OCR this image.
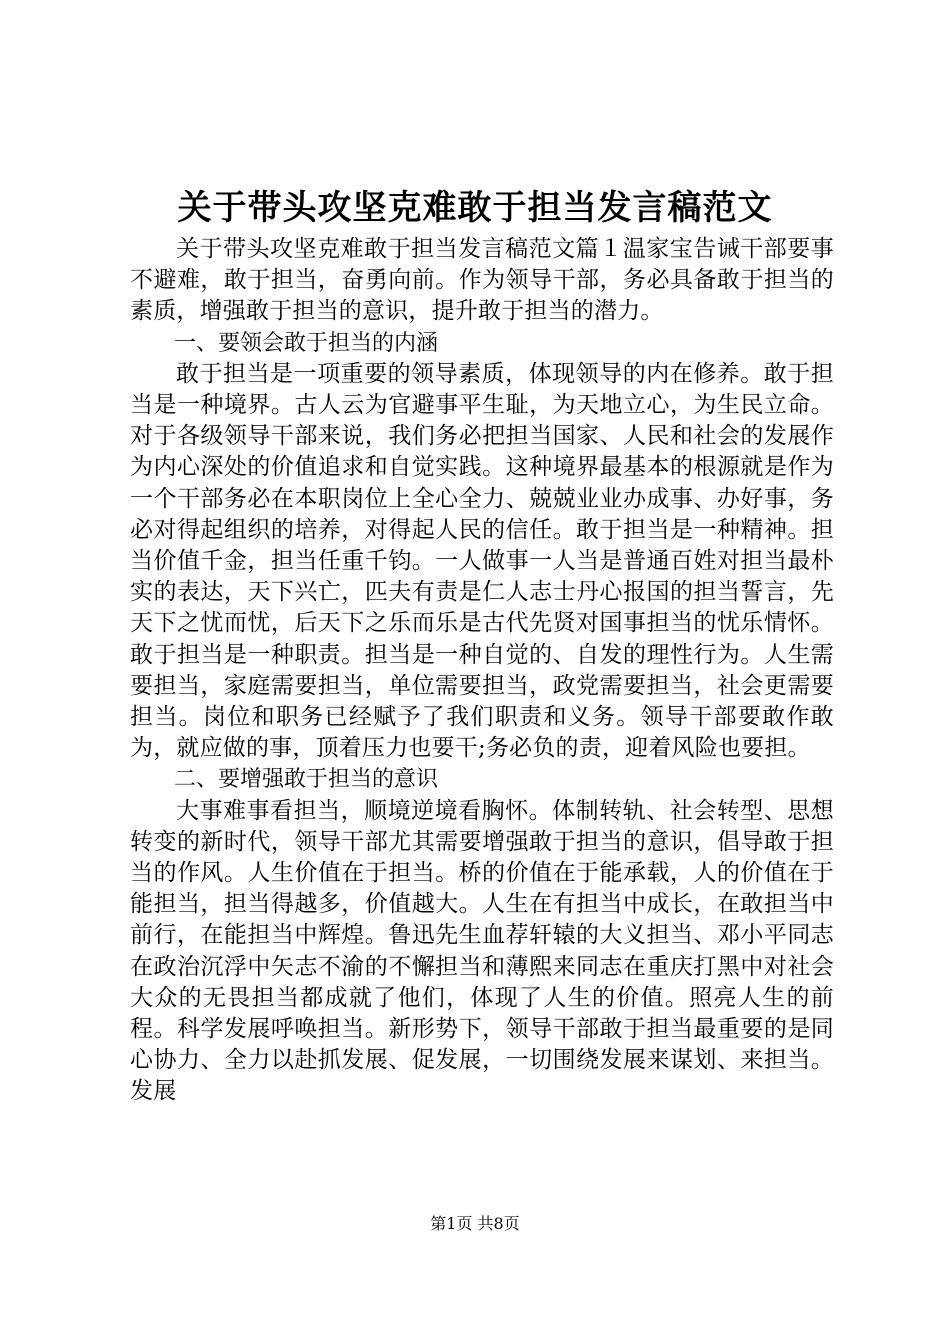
关于带头攻坚克难敢于担当发言稿范文

关于带头攻坚克难敢于担当发言稿范文篇１温家宝告诫干部要事不避难，敢于担当，奋勇向前。作为领导干部，务必具备敢于担当的素质，增强敢于担当的意识，提升敢于担当的潜力。

一、要领会敢于担当的内涵

敢于担当是一项重要的领导素质，体现领导的内在修养。敢于担当是一种境界。古人云为官避事平生耻，为天地立心，为生民立命。对于各级领导干部来说，我们务必把担当国家、人民和社会的发展作为内心深处的价值追求和自觉实践。这种境界最基本的根源就是作为一个干部务必在本职岗位上全心全力、兢兢业业办成事、办好事，务必对得起组织的培养，对得起人民的信任。敢于担当是一种精神。担当价值千金，担当任重千钧。一人做事一人当是普通百姓对担当最朴实的表达，天下兴亡，匹夫有责是仁人志士丹心报国的担当誓言，先天下之忧而忧，后天下之乐而乐是古代先贤对国事担当的忧乐情怀。敢于担当是一种职责。担当是一种自觉的、自发的理性行为。人生需要担当，家庭需要担当，单位需要担当，政党需要担当，社会更需要担当。岗位和职务已经赋予了我们职责和义务。领导干部要敢作敢为，就应做的事，顶着压力也要干;务必负的责，迎着风险也要担。

二、要增强敢于担当的意识

大事难事看担当，顺境逆境看胸怀。体制转轨、社会转型、思想转变的新时代，领导干部尤其需要增强敢于担当的意识，倡导敢于担当的作风。人生价值在于担当。桥的价值在于能承载，人的价值在于能担当，担当得越多，价值越大。人生在有担当中成长，在敢担当中前行，在能担当中辉煌。鲁迅先生血荐轩辕的大义担当、邓小平同志在政治沉浮中矢志不渝的不懈担当和薄熙来同志在重庆打黑中对社会大众的无畏担当都成就了他们，体现了人生的价值。照亮人生的前程。科学发展呼唤担当。新形势下，领导干部敢于担当最重要的是同心协力、全力以赴抓发展、促发展，一切围绕发展来谋划、来担当。发展

第1页 共8页
